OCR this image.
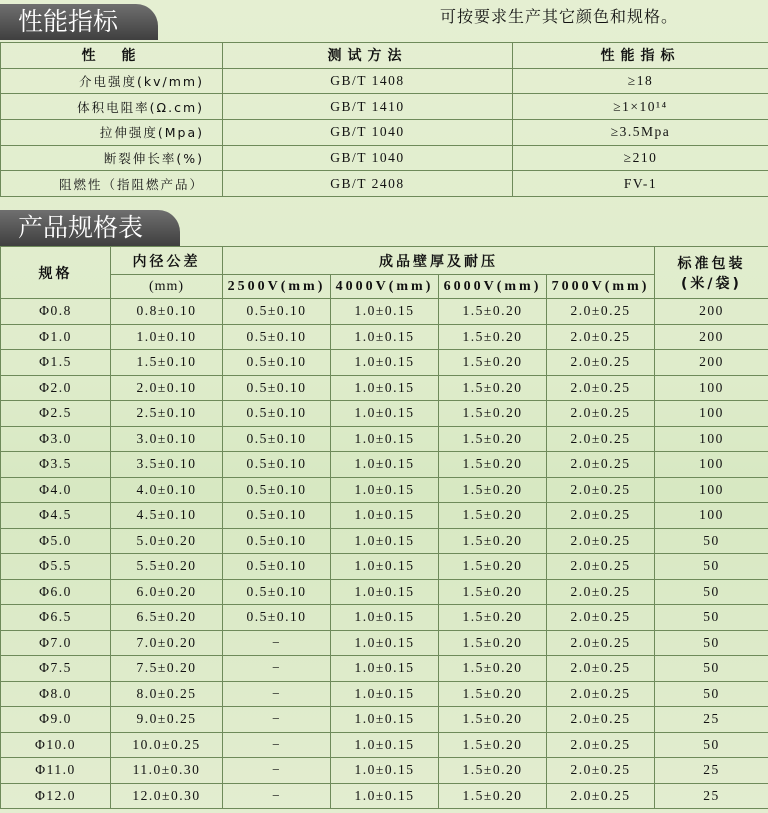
性能指标	可按要求生产其它颜色和规格。
性　能	测试方法	性能指标
介电强度(kv/mm)	GB/T 1408	≥18
体积电阻率(Ω.cm)	GB/T 1410	≥1×10¹⁴
拉伸强度(Mpa)	GB/T 1040	≥3.5Mpa
断裂伸长率(%)	GB/T 1040	≥210
阻燃性（指阻燃产品）	GB/T 2408	FV-1
产品规格表
规格	内径公差	成品壁厚及耐压				标准包装
(米/袋)

	(mm)	2500V(mm)	4000V(mm)	6000V(mm)	7000V(mm)	
Φ0.8	0.8±0.10	0.5±0.10	1.0±0.15	1.5±0.20	2.0±0.25	200
Φ1.0	1.0±0.10	0.5±0.10	1.0±0.15	1.5±0.20	2.0±0.25	200
Φ1.5	1.5±0.10	0.5±0.10	1.0±0.15	1.5±0.20	2.0±0.25	200
Φ2.0	2.0±0.10	0.5±0.10	1.0±0.15	1.5±0.20	2.0±0.25	100
Φ2.5	2.5±0.10	0.5±0.10	1.0±0.15	1.5±0.20	2.0±0.25	100
Φ3.0	3.0±0.10	0.5±0.10	1.0±0.15	1.5±0.20	2.0±0.25	100
Φ3.5	3.5±0.10	0.5±0.10	1.0±0.15	1.5±0.20	2.0±0.25	100
Φ4.0	4.0±0.10	0.5±0.10	1.0±0.15	1.5±0.20	2.0±0.25	100
Φ4.5	4.5±0.10	0.5±0.10	1.0±0.15	1.5±0.20	2.0±0.25	100
Φ5.0	5.0±0.20	0.5±0.10	1.0±0.15	1.5±0.20	2.0±0.25	50
Φ5.5	5.5±0.20	0.5±0.10	1.0±0.15	1.5±0.20	2.0±0.25	50
Φ6.0	6.0±0.20	0.5±0.10	1.0±0.15	1.5±0.20	2.0±0.25	50
Φ6.5	6.5±0.20	0.5±0.10	1.0±0.15	1.5±0.20	2.0±0.25	50
Φ7.0	7.0±0.20	−	1.0±0.15	1.5±0.20	2.0±0.25	50
Φ7.5	7.5±0.20	−	1.0±0.15	1.5±0.20	2.0±0.25	50
Φ8.0	8.0±0.25	−	1.0±0.15	1.5±0.20	2.0±0.25	50
Φ9.0	9.0±0.25	−	1.0±0.15	1.5±0.20	2.0±0.25	25
Φ10.0	10.0±0.25	−	1.0±0.15	1.5±0.20	2.0±0.25	50
Φ11.0	11.0±0.30	−	1.0±0.15	1.5±0.20	2.0±0.25	25
Φ12.0	12.0±0.30	−	1.0±0.15	1.5±0.20	2.0±0.25	25
